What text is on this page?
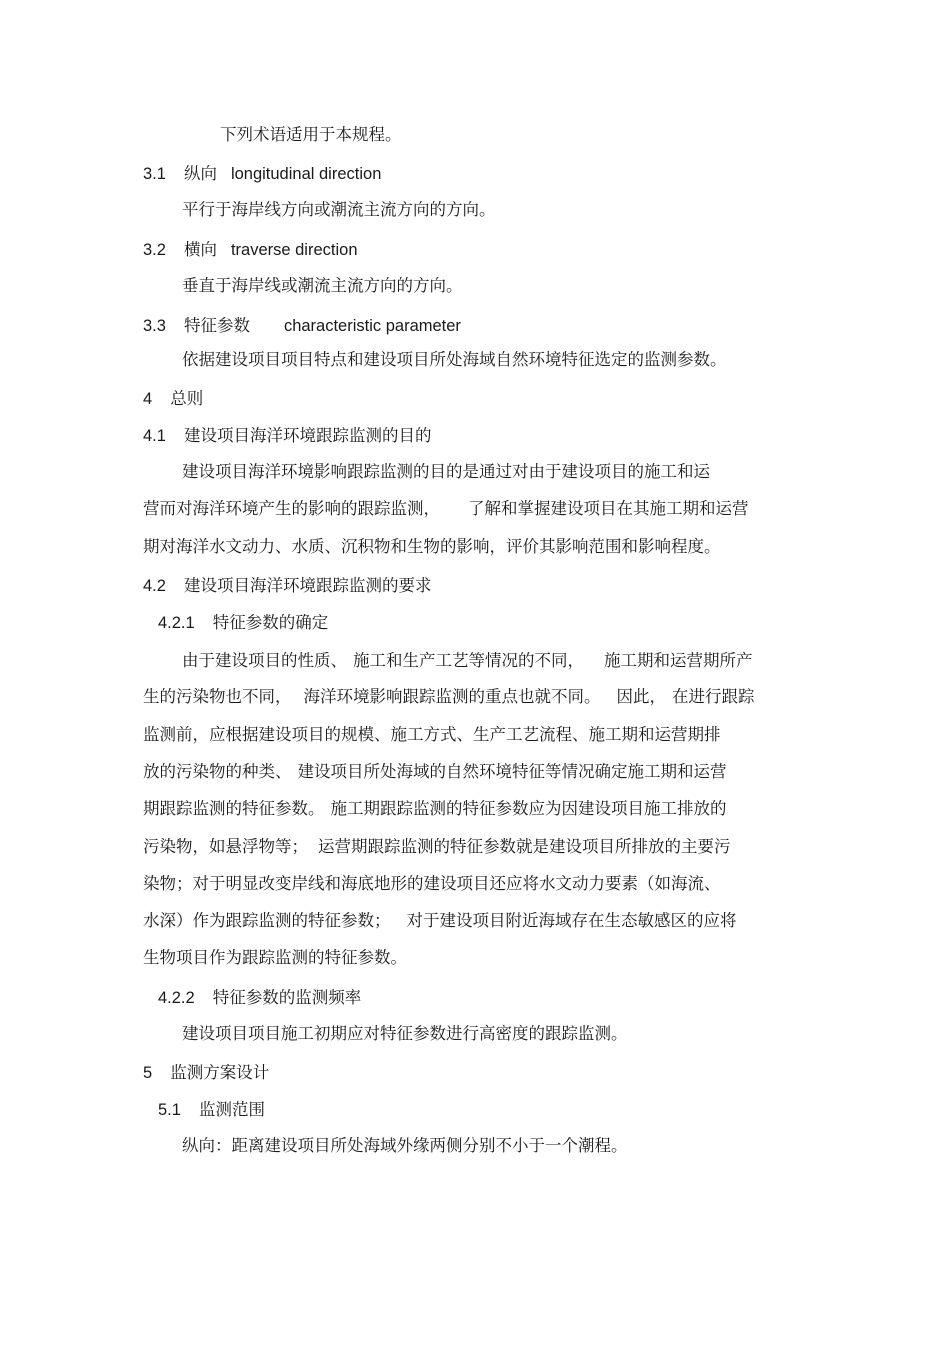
下列术语适用于本规程。
3.1 纵向 longitudinal direction
平行于海岸线方向或潮流主流方向的方向。
3.2 横向 traverse direction
垂直于海岸线或潮流主流方向的方向。
3.3 特征参数 characteristic parameter
依据建设项目项目特点和建设项目所处海域自然环境特征选定的监测参数。
4 总则
4.1 建设项目海洋环境跟踪监测的目的
建设项目海洋环境影响跟踪监测的目的是通过对由于建设项目的施工和运
营而对海洋环境产生的影响的跟踪监测， 了解和掌握建设项目在其施工期和运营
期对海洋水文动力、水质、沉积物和生物的影响，评价其影响范围和影响程度。
4.2 建设项目海洋环境跟踪监测的要求
4.2.1 特征参数的确定
由于建设项目的性质、 施工和生产工艺等情况的不同， 施工期和运营期所产
生的污染物也不同， 海洋环境影响跟踪监测的重点也就不同。 因此， 在进行跟踪
监测前，应根据建设项目的规模、施工方式、生产工艺流程、施工期和运营期排
放的污染物的种类、 建设项目所处海域的自然环境特征等情况确定施工期和运营
期跟踪监测的特征参数。 施工期跟踪监测的特征参数应为因建设项目施工排放的
污染物，如悬浮物等； 运营期跟踪监测的特征参数就是建设项目所排放的主要污
染物；对于明显改变岸线和海底地形的建设项目还应将水文动力要素（如海流、
水深）作为跟踪监测的特征参数； 对于建设项目附近海域存在生态敏感区的应将
生物项目作为跟踪监测的特征参数。
4.2.2 特征参数的监测频率
建设项目项目施工初期应对特征参数进行高密度的跟踪监测。
5 监测方案设计
5.1 监测范围
纵向：距离建设项目所处海域外缘两侧分别不小于一个潮程。
